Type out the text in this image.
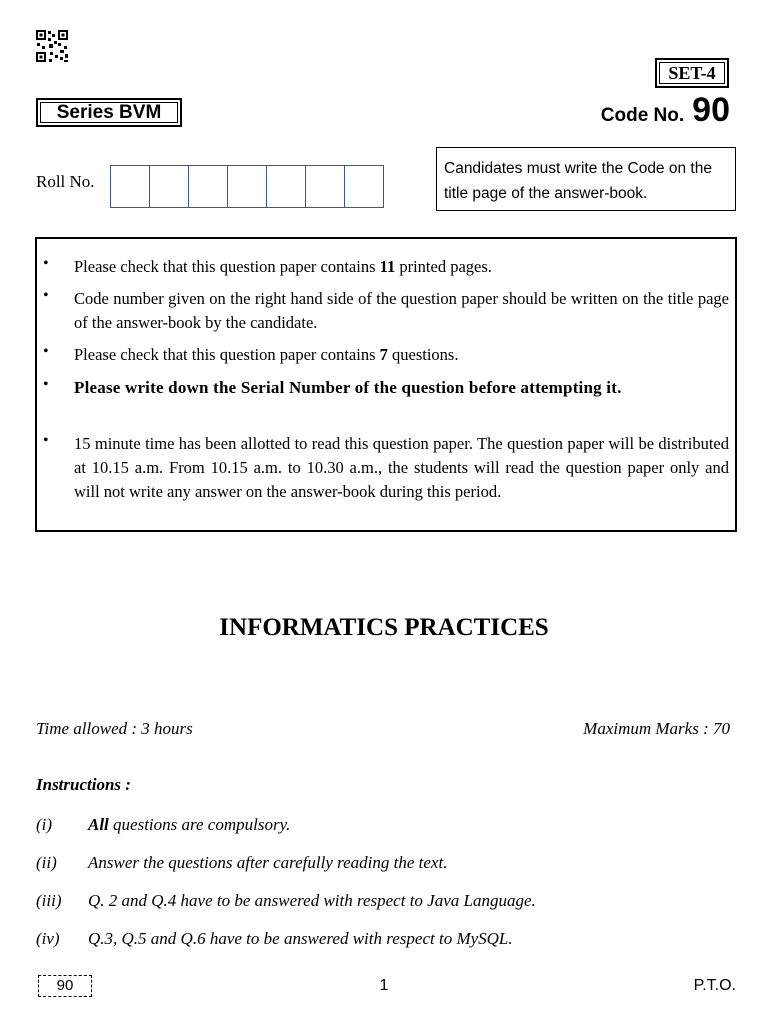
SET-4
Series BVM	Code No. 90
Roll No.
Candidates must write the Code on the title page of the answer-book.
• Please check that this question paper contains 11 printed pages.
• Code number given on the right hand side of the question paper should be written on the title page of the answer-book by the candidate.
• Please check that this question paper contains 7 questions.
• Please write down the Serial Number of the question before attempting it.
• 15 minute time has been allotted to read this question paper. The question paper will be distributed at 10.15 a.m. From 10.15 a.m. to 10.30 a.m., the students will read the question paper only and will not write any answer on the answer-book during this period.
INFORMATICS PRACTICES
Time allowed : 3 hours	Maximum Marks : 70
Instructions :
(i) All questions are compulsory.
(ii) Answer the questions after carefully reading the text.
(iii) Q. 2 and Q.4 have to be answered with respect to Java Language.
(iv) Q.3, Q.5 and Q.6 have to be answered with respect to MySQL.
90	1	P.T.O.
